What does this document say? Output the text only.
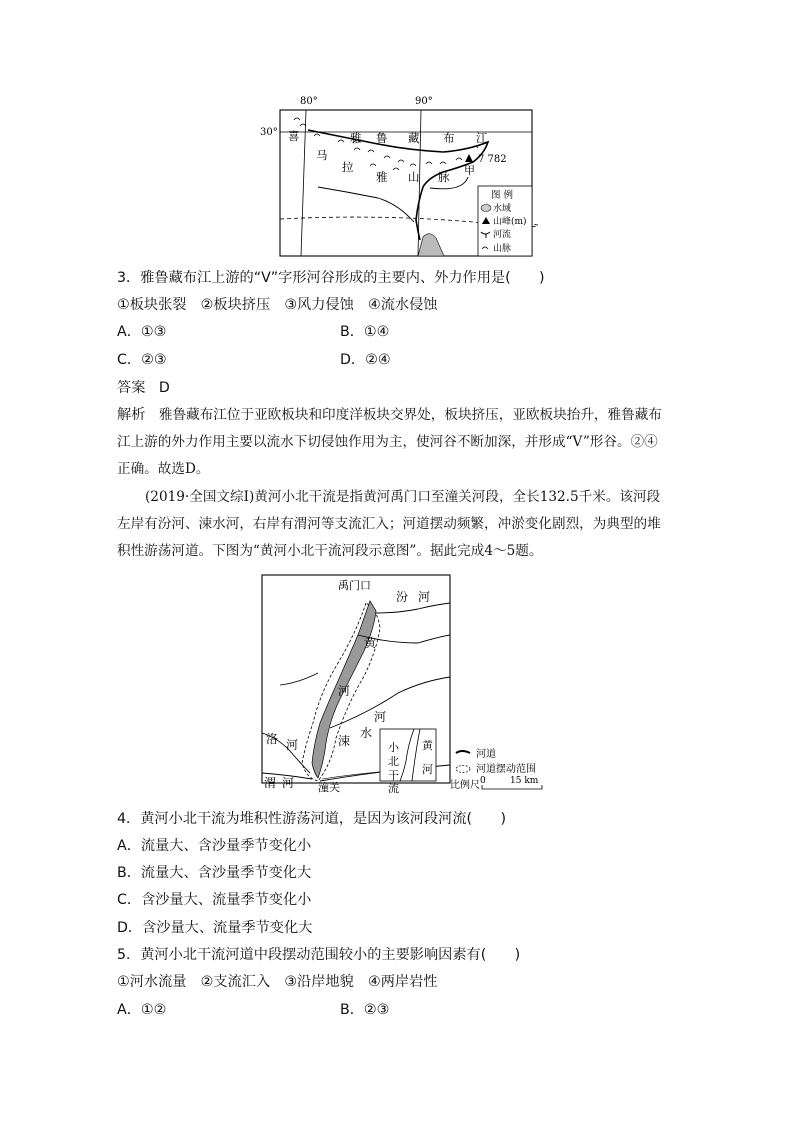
80°	90°
30° 喜
马
拉
雅 山 脉
雅 鲁 藏 布 江
7 782
甲
图 例
水域
山峰(m)
河流
山脉
3．雅鲁藏布江上游的“V”字形河谷形成的主要内、外力作用是(　　)
①板块张裂　②板块挤压　③风力侵蚀　④流水侵蚀
A．①③	B．①④
C．②③	D．②④
答案 D
解析 雅鲁藏布江位于亚欧板块和印度洋板块交界处，板块挤压，亚欧板块抬升，雅鲁藏布
江上游的外力作用主要以流水下切侵蚀作用为主，使河谷不断加深，并形成“V”形谷。②④
正确。故选D。
(2019·全国文综Ⅰ)黄河小北干流是指黄河禹门口至潼关河段，全长132.5千米。该河段
左岸有汾河、涑水河，右岸有渭河等支流汇入；河道摆动频繁，冲淤变化剧烈，为典型的堆
积性游荡河道。下图为“黄河小北干流河段示意图”。据此完成4～5题。
禹门口
汾 河
黄
河
河
洛 河	涑
水
渭 河 潼关
小
北
干
流
黄
河
河道
河道摆动范围
比例尺 0	15 km
4．黄河小北干流为堆积性游荡河道，是因为该河段河流(　　)
A．流量大、含沙量季节变化小
B．流量大、含沙量季节变化大
C．含沙量大、流量季节变化小
D．含沙量大、流量季节变化大
5．黄河小北干流河道中段摆动范围较小的主要影响因素有(　　)
①河水流量　②支流汇入　③沿岸地貌　④两岸岩性
A．①②	B．②③
